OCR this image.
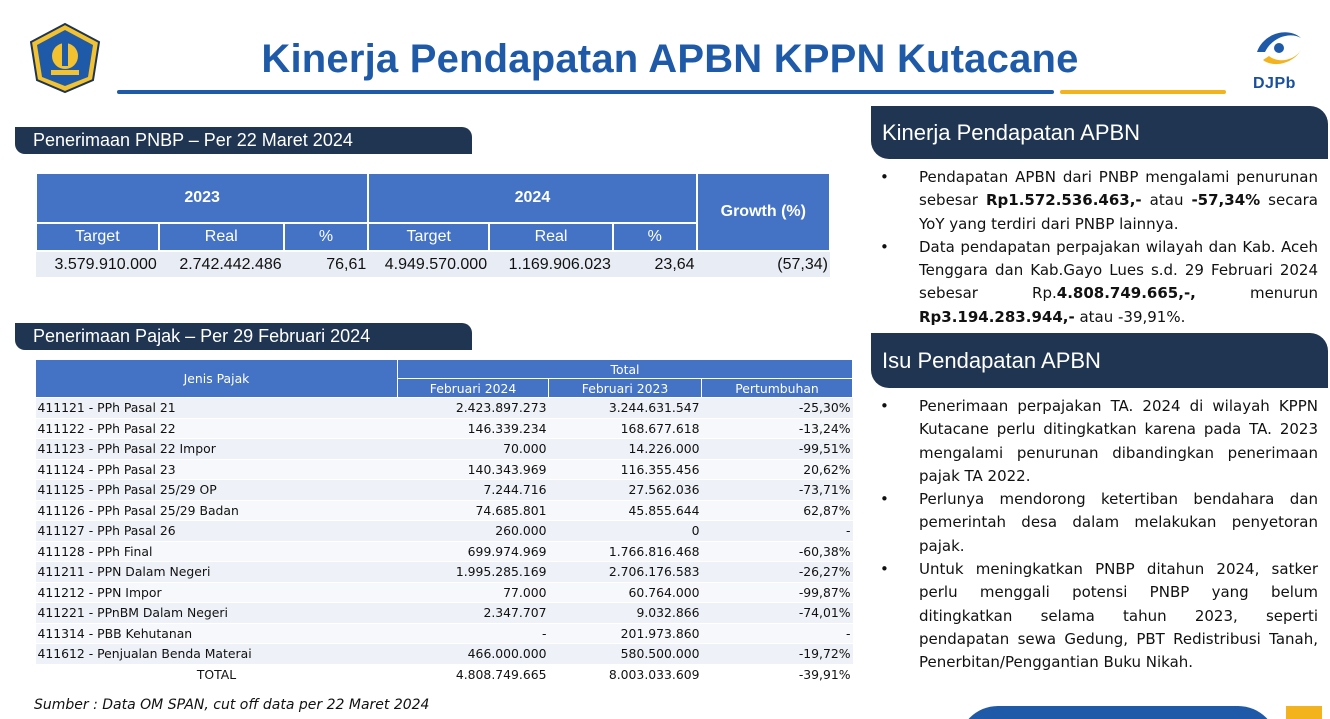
Kinerja Pendapatan APBN KPPN Kutacane
DJPb
Penerimaan PNBP – Per 22 Maret 2024
2023			2024			Growth (%)
Target	Real	%	Target	Real	%	
3.579.910.000	2.742.442.486	76,61	4.949.570.000	1.169.906.023	23,64	(57,34)
Penerimaan Pajak – Per 29 Februari 2024
Jenis Pajak	Total		
	Februari 2024	Februari 2023	Pertumbuhan
411121 - PPh Pasal 21	2.423.897.273	3.244.631.547	-25,30%
411122 - PPh Pasal 22	146.339.234	168.677.618	-13,24%
411123 - PPh Pasal 22 Impor	70.000	14.226.000	-99,51%
411124 - PPh Pasal 23	140.343.969	116.355.456	20,62%
411125 - PPh Pasal 25/29 OP	7.244.716	27.562.036	-73,71%
411126 - PPh Pasal 25/29 Badan	74.685.801	45.855.644	62,87%
411127 - PPh Pasal 26	260.000	0	-
411128 - PPh Final	699.974.969	1.766.816.468	-60,38%
411211 - PPN Dalam Negeri	1.995.285.169	2.706.176.583	-26,27%
411212 - PPN Impor	77.000	60.764.000	-99,87%
411221 - PPnBM Dalam Negeri	2.347.707	9.032.866	-74,01%
411314 - PBB Kehutanan	-	201.973.860	-
411612 - Penjualan Benda Materai	466.000.000	580.500.000	-19,72%
TOTAL	4.808.749.665	8.003.033.609	-39,91%
Sumber : Data OM SPAN, cut off data per 22 Maret 2024
Kinerja Pendapatan APBN
• Pendapatan APBN dari PNBP mengalami penurunan sebesar Rp1.572.536.463,- atau -57,34% secara YoY yang terdiri dari PNBP lainnya.
• Data pendapatan perpajakan wilayah dan Kab. Aceh Tenggara dan Kab.Gayo Lues s.d. 29 Februari 2024 sebesar Rp.4.808.749.665,-, menurun Rp3.194.283.944,- atau -39,91%.
Isu Pendapatan APBN
• Penerimaan perpajakan TA. 2024 di wilayah KPPN Kutacane perlu ditingkatkan karena pada TA. 2023 mengalami penurunan dibandingkan penerimaan pajak TA 2022.
• Perlunya mendorong ketertiban bendahara dan pemerintah desa dalam melakukan penyetoran pajak.
• Untuk meningkatkan PNBP ditahun 2024, satker perlu menggali potensi PNBP yang belum ditingkatkan selama tahun 2023, seperti pendapatan sewa Gedung, PBT Redistribusi Tanah, Penerbitan/Penggantian Buku Nikah.
